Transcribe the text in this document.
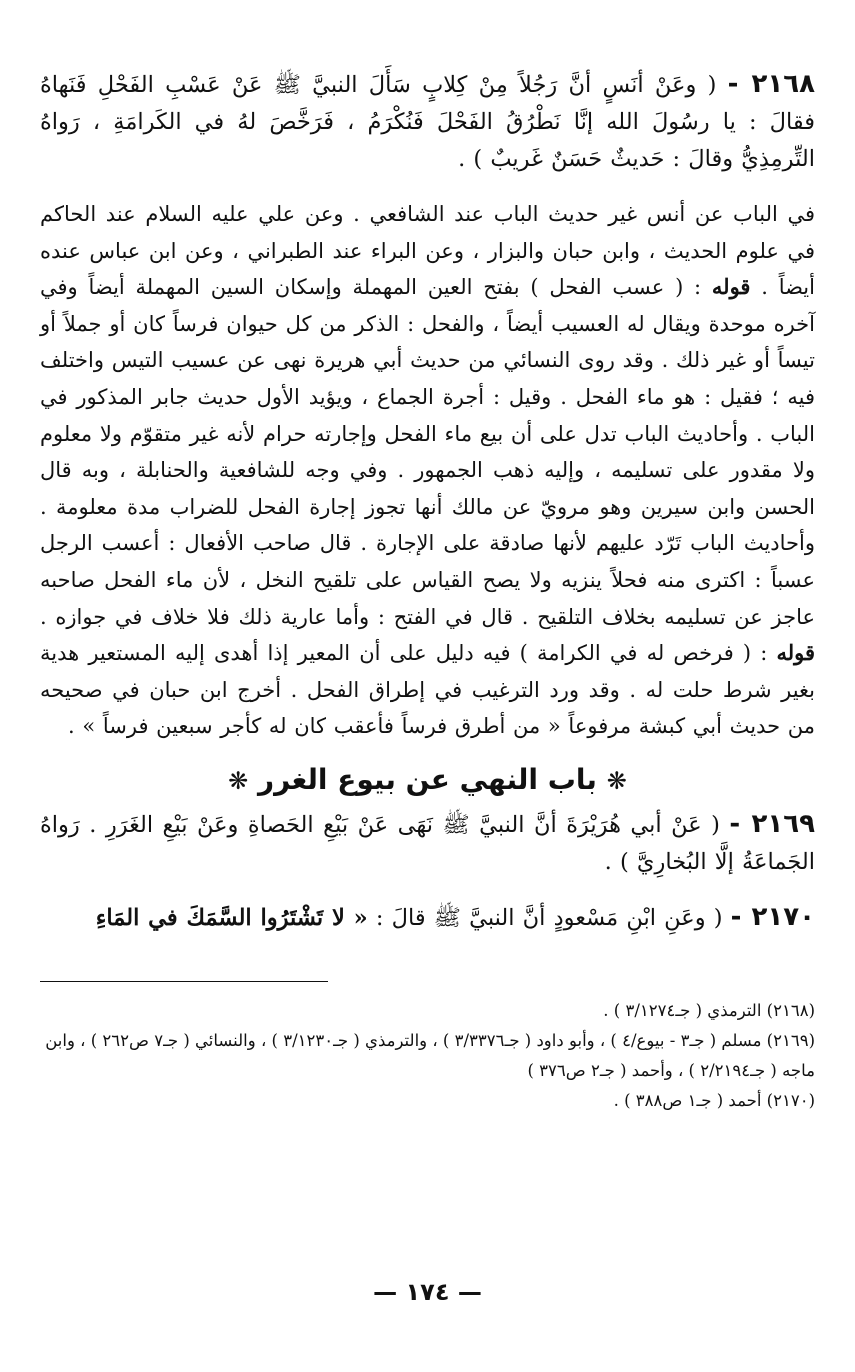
٢١٦٨ - ( وعَنْ أنَسٍ أنَّ رَجُلاً مِنْ كِلابٍ سَأَلَ النبيَّ ﷺ عَنْ عَسْبِ الفَحْلِ فَنَهاهُ فقالَ : يا رسُولَ الله إنَّا نَطْرُقُ الفَحْلَ فَنُكْرَمُ ، فَرَخَّصَ لهُ في الكَرامَةِ ، رَواهُ التِّرمِذِيُّ وقالَ : حَديثٌ حَسَنٌ غَريبٌ ) .

في الباب عن أنس غير حديث الباب عند الشافعي . وعن علي عليه السلام عند الحاكم في علوم الحديث ، وابن حبان والبزار ، وعن البراء عند الطبراني ، وعن ابن عباس عنده أيضاً . قوله : ( عسب الفحل ) بفتح العين المهملة وإسكان السين المهملة أيضاً وفي آخره موحدة ويقال له العسيب أيضاً ، والفحل : الذكر من كل حيوان فرساً كان أو جملاً أو تيساً أو غير ذلك . وقد روى النسائي من حديث أبي هريرة نهى عن عسيب التيس واختلف فيه ؛ فقيل : هو ماء الفحل . وقيل : أجرة الجماع ، ويؤيد الأول حديث جابر المذكور في الباب . وأحاديث الباب تدل على أن بيع ماء الفحل وإجارته حرام لأنه غير متقوّم ولا معلوم ولا مقدور على تسليمه ، وإليه ذهب الجمهور . وفي وجه للشافعية والحنابلة ، وبه قال الحسن وابن سيرين وهو مرويّ عن مالك أنها تجوز إجارة الفحل للضراب مدة معلومة . وأحاديث الباب تَرّد عليهم لأنها صادقة على الإجارة . قال صاحب الأفعال : أعسب الرجل عسباً : اكترى منه فحلاً ينزيه ولا يصح القياس على تلقيح النخل ، لأن ماء الفحل صاحبه عاجز عن تسليمه بخلاف التلقيح . قال في الفتح : وأما عارية ذلك فلا خلاف في جوازه . قوله : ( فرخص له في الكرامة ) فيه دليل على أن المعير إذا أهدى إليه المستعير هدية بغير شرط حلت له . وقد ورد الترغيب في إطراق الفحل . أخرج ابن حبان في صحيحه من حديث أبي كبشة مرفوعاً « من أطرق فرساً فأعقب كان له كأجر سبعين فرساً » .

❋ باب النهي عن بيوع الغرر ❋

٢١٦٩ - ( عَنْ أبي هُرَيْرَةَ أنَّ النبيَّ ﷺ نَهَى عَنْ بَيْعِ الحَصاةِ وعَنْ بَيْعِ الغَرَرِ . رَواهُ الجَماعَةُ إلَّا البُخارِيَّ ) .

٢١٧٠ - ( وعَنِ ابْنِ مَسْعودٍ أنَّ النبيَّ ﷺ قالَ : « لا تَشْتَرُوا السَّمَكَ في المَاءِ

(٢١٦٨) الترمذي ( جـ٣/١٢٧٤ ) .

(٢١٦٩) مسلم ( جـ٣ - بيوع/٤ ) ، وأبو داود ( جـ٣/٣٣٧٦ ) ، والترمذي ( جـ٣/١٢٣٠ ) ، والنسائي ( جـ٧ ص٢٦٢ ) ، وابن ماجه ( جـ٢/٢١٩٤ ) ، وأحمد ( جـ٢ ص٣٧٦ )

(٢١٧٠) أحمد ( جـ١ ص٣٨٨ ) .

— ١٧٤ —
